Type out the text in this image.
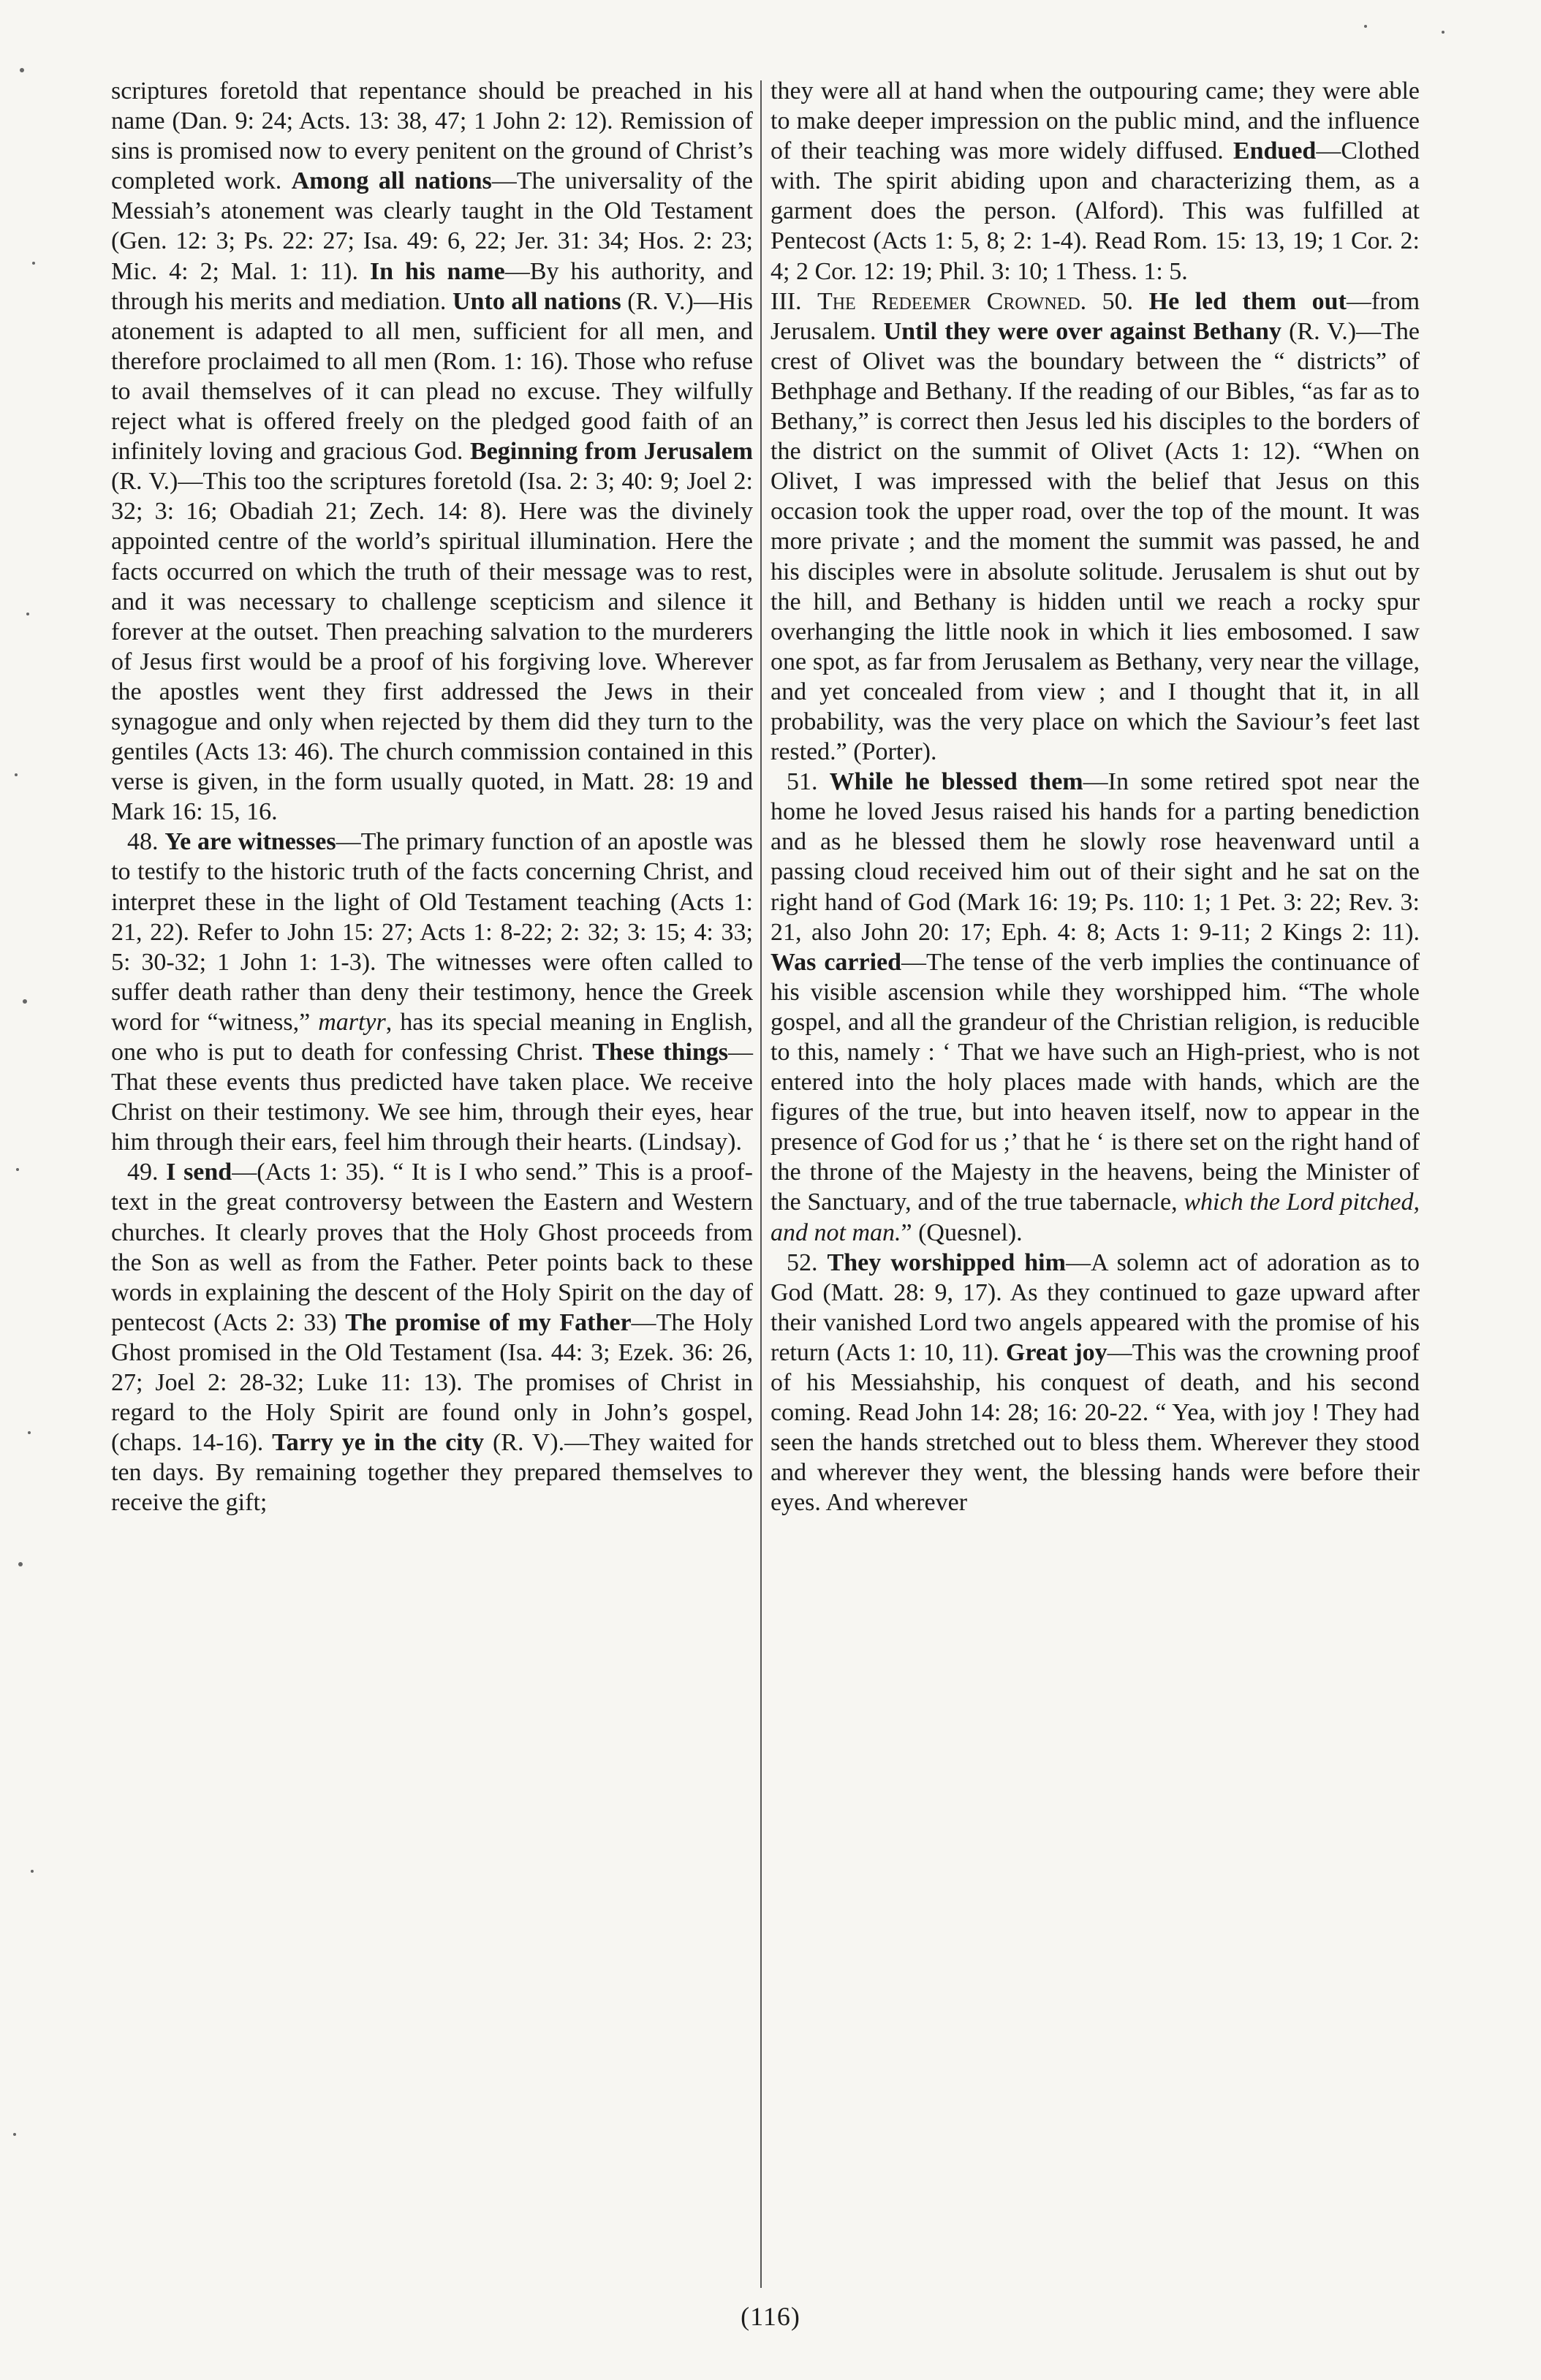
scriptures foretold that repentance should be preached in his name (Dan. 9: 24; Acts. 13: 38, 47; 1 John 2: 12). Remission of sins is promised now to every penitent on the ground of Christ’s completed work. Among all nations—The universality of the Messiah’s atonement was clearly taught in the Old Testament (Gen. 12: 3; Ps. 22: 27; Isa. 49: 6, 22; Jer. 31: 34; Hos. 2: 23; Mic. 4: 2; Mal. 1: 11). In his name—By his authority, and through his merits and mediation. Unto all nations (R. V.)—His atonement is adapted to all men, sufficient for all men, and therefore proclaimed to all men (Rom. 1: 16). Those who refuse to avail themselves of it can plead no excuse. They wilfully reject what is offered freely on the pledged good faith of an infinitely loving and gracious God. Beginning from Jerusalem (R. V.)—This too the scriptures foretold (Isa. 2: 3; 40: 9; Joel 2: 32; 3: 16; Obadiah 21; Zech. 14: 8). Here was the divinely appointed centre of the world’s spiritual illumination. Here the facts occurred on which the truth of their message was to rest, and it was necessary to challenge scepticism and silence it forever at the outset. Then preaching salvation to the murderers of Jesus first would be a proof of his forgiving love. Wherever the apostles went they first addressed the Jews in their synagogue and only when rejected by them did they turn to the gentiles (Acts 13: 46). The church commission contained in this verse is given, in the form usually quoted, in Matt. 28: 19 and Mark 16: 15, 16.

48. Ye are witnesses—The primary function of an apostle was to testify to the historic truth of the facts concerning Christ, and interpret these in the light of Old Testament teaching (Acts 1: 21, 22). Refer to John 15: 27; Acts 1: 8-22; 2: 32; 3: 15; 4: 33; 5: 30-32; 1 John 1: 1-3). The witnesses were often called to suffer death rather than deny their testimony, hence the Greek word for “witness,” martyr, has its special meaning in English, one who is put to death for confessing Christ. These things—That these events thus predicted have taken place. We receive Christ on their testimony. We see him, through their eyes, hear him through their ears, feel him through their hearts. (Lindsay).

49. I send—(Acts 1: 35). “ It is I who send.” This is a proof-text in the great controversy between the Eastern and Western churches. It clearly proves that the Holy Ghost proceeds from the Son as well as from the Father. Peter points back to these words in explaining the descent of the Holy Spirit on the day of pentecost (Acts 2: 33) The promise of my Father—The Holy Ghost promised in the Old Testament (Isa. 44: 3; Ezek. 36: 26, 27; Joel 2: 28-32; Luke 11: 13). The promises of Christ in regard to the Holy Spirit are found only in John’s gospel, (chaps. 14-16). Tarry ye in the city (R. V).—They waited for ten days. By remaining together they prepared themselves to receive the gift;

they were all at hand when the outpouring came; they were able to make deeper impression on the public mind, and the influence of their teaching was more widely diffused. Endued—Clothed with. The spirit abiding upon and characterizing them, as a garment does the person. (Alford). This was fulfilled at Pentecost (Acts 1: 5, 8; 2: 1-4). Read Rom. 15: 13, 19; 1 Cor. 2: 4; 2 Cor. 12: 19; Phil. 3: 10; 1 Thess. 1: 5.

III. The Redeemer Crowned. 50. He led them out—from Jerusalem. Until they were over against Bethany (R. V.)—The crest of Olivet was the boundary between the “ districts” of Bethphage and Bethany. If the reading of our Bibles, “as far as to Bethany,” is correct then Jesus led his disciples to the borders of the district on the summit of Olivet (Acts 1: 12). “When on Olivet, I was impressed with the belief that Jesus on this occasion took the upper road, over the top of the mount. It was more private ; and the moment the summit was passed, he and his disciples were in absolute solitude. Jerusalem is shut out by the hill, and Bethany is hidden until we reach a rocky spur overhanging the little nook in which it lies embosomed. I saw one spot, as far from Jerusalem as Bethany, very near the village, and yet concealed from view ; and I thought that it, in all probability, was the very place on which the Saviour’s feet last rested.” (Porter).

51. While he blessed them—In some retired spot near the home he loved Jesus raised his hands for a parting benediction and as he blessed them he slowly rose heavenward until a passing cloud received him out of their sight and he sat on the right hand of God (Mark 16: 19; Ps. 110: 1; 1 Pet. 3: 22; Rev. 3: 21, also John 20: 17; Eph. 4: 8; Acts 1: 9-11; 2 Kings 2: 11). Was carried—The tense of the verb implies the continuance of his visible ascension while they worshipped him. “The whole gospel, and all the grandeur of the Christian religion, is reducible to this, namely : ‘ That we have such an High-priest, who is not entered into the holy places made with hands, which are the figures of the true, but into heaven itself, now to appear in the presence of God for us ;’ that he ‘ is there set on the right hand of the throne of the Majesty in the heavens, being the Minister of the Sanctuary, and of the true tabernacle, which the Lord pitched, and not man.” (Quesnel).

52. They worshipped him—A solemn act of adoration as to God (Matt. 28: 9, 17). As they continued to gaze upward after their vanished Lord two angels appeared with the promise of his return (Acts 1: 10, 11). Great joy—This was the crowning proof of his Messiahship, his conquest of death, and his second coming. Read John 14: 28; 16: 20-22. “ Yea, with joy ! They had seen the hands stretched out to bless them. Wherever they stood and wherever they went, the blessing hands were before their eyes. And wherever

(116)
